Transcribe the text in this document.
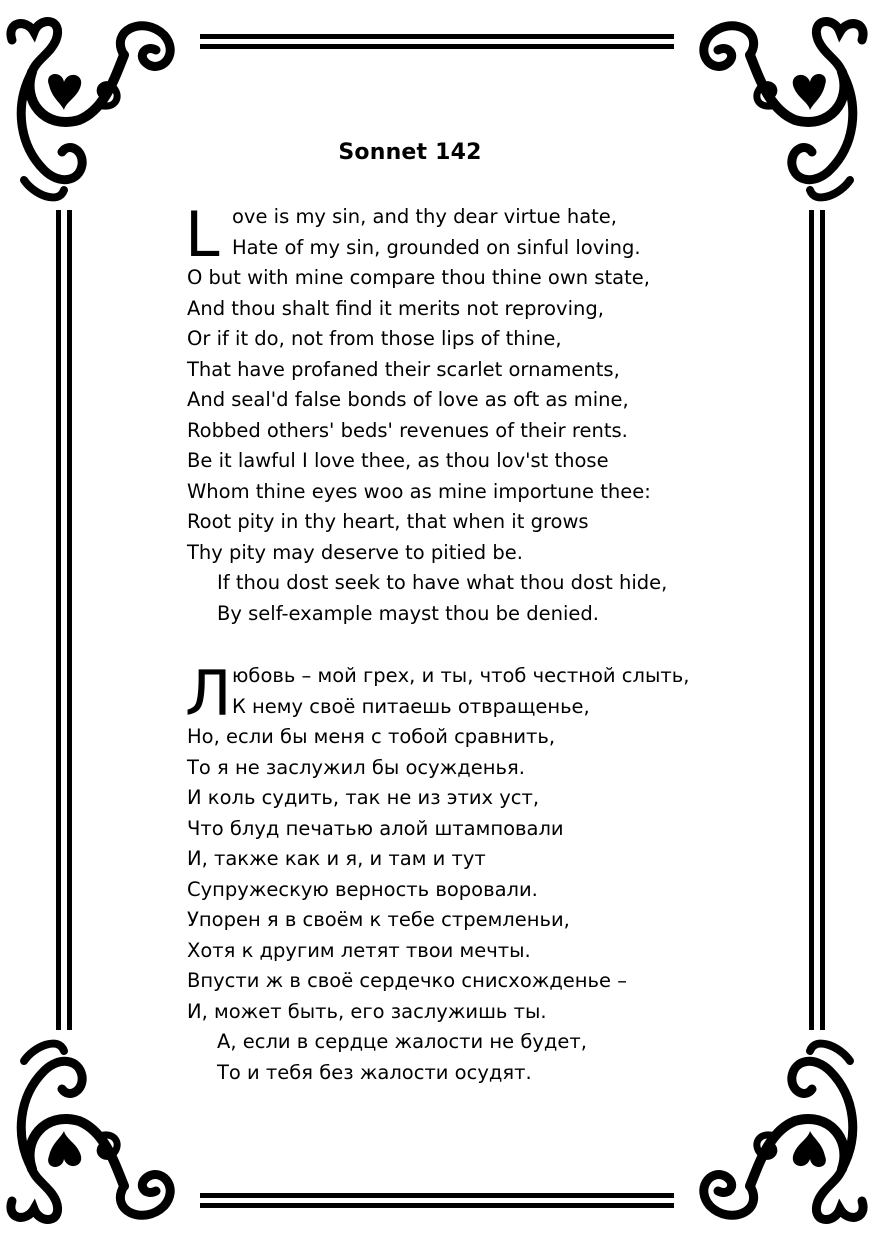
Sonnet 142
L ove is my sin, and thy dear virtue hate,
Hate of my sin, grounded on sinful loving.
O but with mine compare thou thine own state,
And thou shalt find it merits not reproving,
Or if it do, not from those lips of thine,
That have profaned their scarlet ornaments,
And seal'd false bonds of love as oft as mine,
Robbed others' beds' revenues of their rents.
Be it lawful I love thee, as thou lov'st those
Whom thine eyes woo as mine importune thee:
Root pity in thy heart, that when it grows
Thy pity may deserve to pitied be.
If thou dost seek to have what thou dost hide,
By self-example mayst thou be denied.
Л юбовь – мой грех, и ты, чтоб честной слыть,
К нему своё питаешь отвращенье,
Но, если бы меня с тобой сравнить,
То я не заслужил бы осужденья.
И коль судить, так не из этих уст,
Что блуд печатью алой штамповали
И, также как и я, и там и тут
Супружескую верность воровали.
Упорен я в своём к тебе стремленьи,
Хотя к другим летят твои мечты.
Впусти ж в своё сердечко снисхожденье –
И, может быть, его заслужишь ты.
А, если в сердце жалости не будет,
То и тебя без жалости осудят.
